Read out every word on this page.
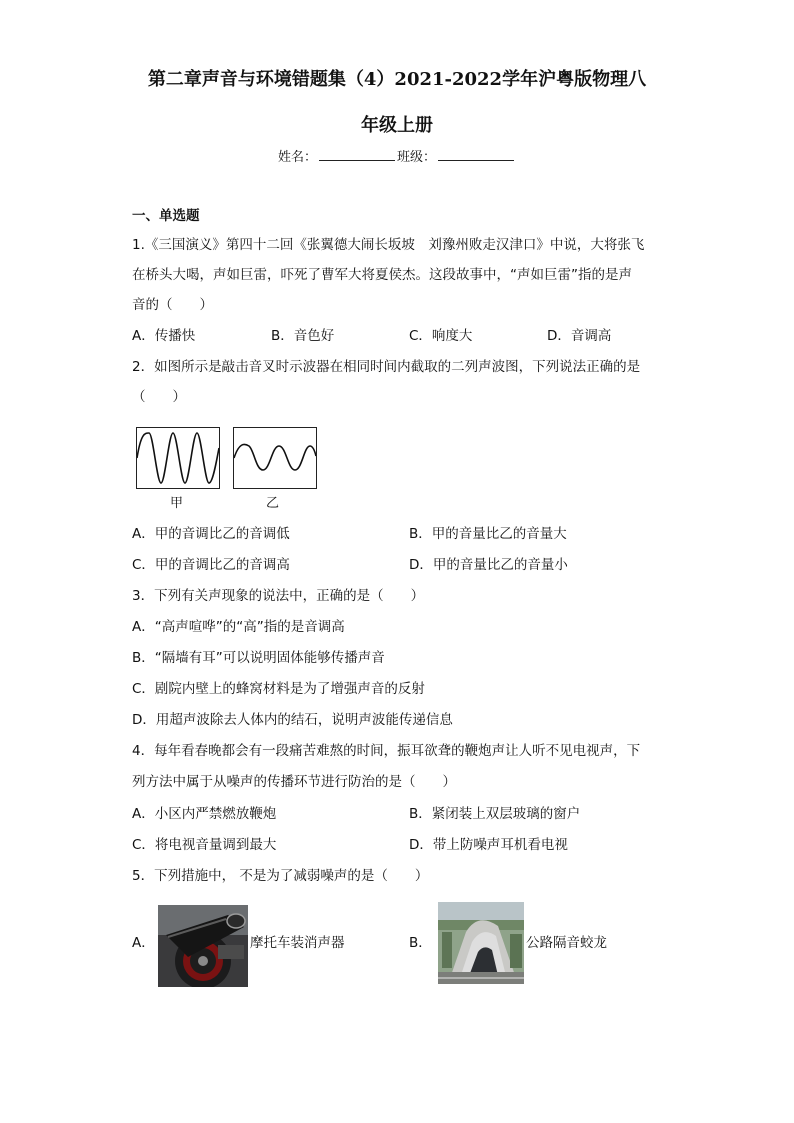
第二章声音与环境错题集（4）2021-2022学年沪粤版物理八
年级上册
姓名：	班级：
一、单选题
1.《三国演义》第四十二回《张翼德大闹长坂坡　刘豫州败走汉津口》中说，大将张飞
在桥头大喝，声如巨雷，吓死了曹军大将夏侯杰。这段故事中，“声如巨雷”指的是声
音的（　　）
A．传播快	B．音色好	C．响度大	D．音调高
2．如图所示是敲击音叉时示波器在相同时间内截取的二列声波图，下列说法正确的是
（　　）
甲	乙
A．甲的音调比乙的音调低	B．甲的音量比乙的音量大
C．甲的音调比乙的音调高	D．甲的音量比乙的音量小
3．下列有关声现象的说法中，正确的是（　　）
A．“高声喧哗”的“高”指的是音调高
B．“隔墙有耳”可以说明固体能够传播声音
C．剧院内壁上的蜂窝材料是为了增强声音的反射
D．用超声波除去人体内的结石，说明声波能传递信息
4．每年看春晚都会有一段痛苦难熬的时间，振耳欲聋的鞭炮声让人听不见电视声，下
列方法中属于从噪声的传播环节进行防治的是（　　）
A．小区内严禁燃放鞭炮	B．紧闭装上双层玻璃的窗户
C．将电视音量调到最大	D．带上防噪声耳机看电视
5．下列措施中， 不是为了减弱噪声的是（　　）
A．	摩托车装消声器	B．	公路隔音蛟龙
